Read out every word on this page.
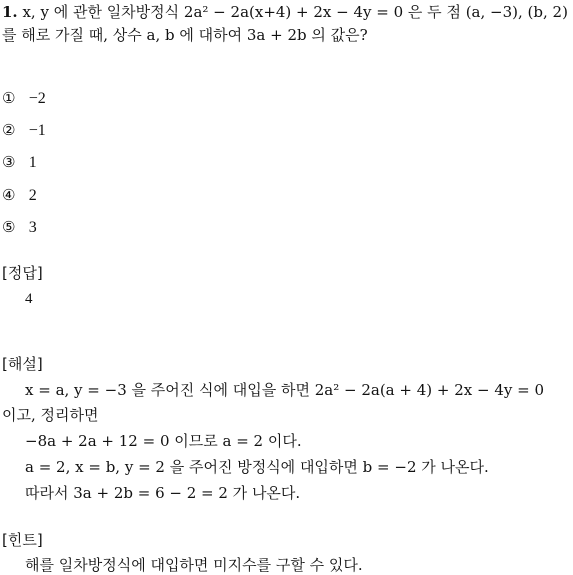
1. x, y 에 관한 일차방정식 2a² − 2a(x+4) + 2x − 4y = 0 은 두 점 (a, −3), (b, 2)
를 해로 가질 때, 상수 a, b 에 대하여 3a + 2b 의 값은?
① −2
② −1
③ 1
④ 2
⑤ 3
[정답]
4
[해설]
x = a, y = −3 을 주어진 식에 대입을 하면 2a² − 2a(a + 4) + 2x − 4y = 0
이고, 정리하면
−8a + 2a + 12 = 0 이므로 a = 2 이다.
a = 2, x = b, y = 2 을 주어진 방정식에 대입하면 b = −2 가 나온다.
따라서 3a + 2b = 6 − 2 = 2 가 나온다.
[힌트]
해를 일차방정식에 대입하면 미지수를 구할 수 있다.
